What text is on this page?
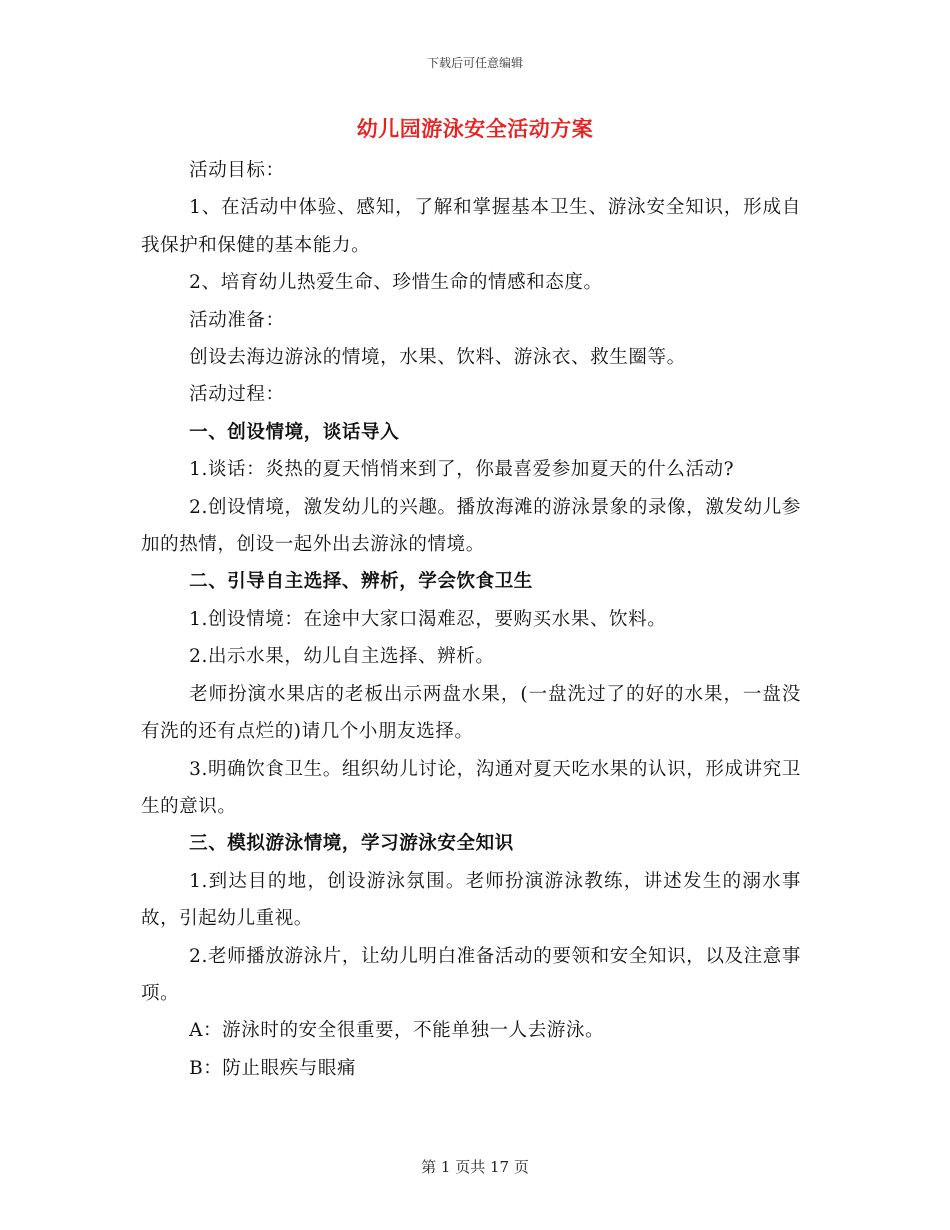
下载后可任意编辑
幼儿园游泳安全活动方案

活动目标：

1、在活动中体验、感知，了解和掌握基本卫生、游泳安全知识，形成自我保护和保健的基本能力。

2、培育幼儿热爱生命、珍惜生命的情感和态度。

活动准备：

创设去海边游泳的情境，水果、饮料、游泳衣、救生圈等。

活动过程：

一、创设情境，谈话导入

1.谈话：炎热的夏天悄悄来到了，你最喜爱参加夏天的什么活动?

2.创设情境，激发幼儿的兴趣。播放海滩的游泳景象的录像，激发幼儿参加的热情，创设一起外出去游泳的情境。

二、引导自主选择、辨析，学会饮食卫生

1.创设情境：在途中大家口渴难忍，要购买水果、饮料。

2.出示水果，幼儿自主选择、辨析。

老师扮演水果店的老板出示两盘水果，(一盘洗过了的好的水果，一盘没有洗的还有点烂的)请几个小朋友选择。

3.明确饮食卫生。组织幼儿讨论，沟通对夏天吃水果的认识，形成讲究卫生的意识。

三、模拟游泳情境，学习游泳安全知识

1.到达目的地，创设游泳氛围。老师扮演游泳教练，讲述发生的溺水事故，引起幼儿重视。

2.老师播放游泳片，让幼儿明白准备活动的要领和安全知识，以及注意事项。

A：游泳时的安全很重要，不能单独一人去游泳。

B：防止眼疾与眼痛

第 1 页共 17 页
